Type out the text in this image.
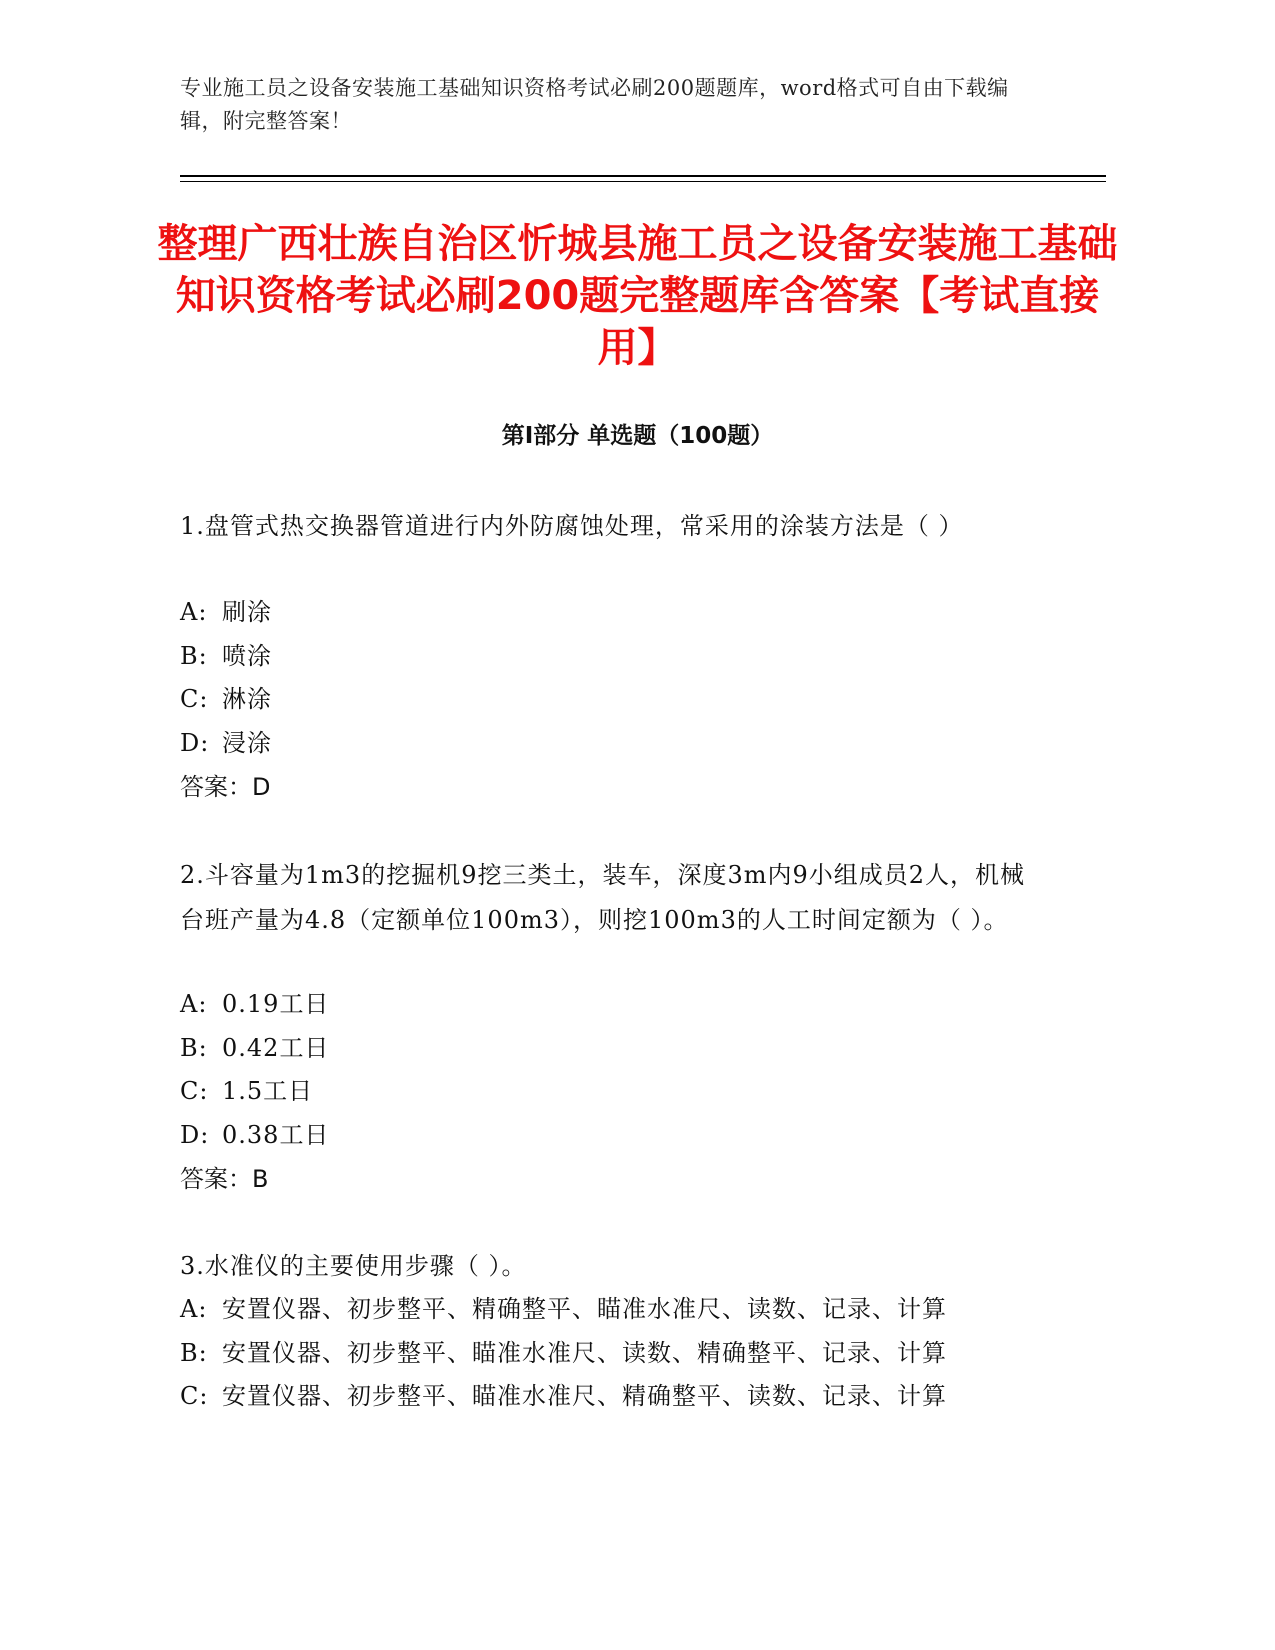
专业施工员之设备安装施工基础知识资格考试必刷200题题库，word格式可自由下载编辑，附完整答案！
整理广西壮族自治区忻城县施工员之设备安装施工基础知识资格考试必刷200题完整题库含答案【考试直接用】
第I部分 单选题（100题）
1.盘管式热交换器管道进行内外防腐蚀处理，常采用的涂装方法是（ ）
A: 刷涂
B: 喷涂
C: 淋涂
D: 浸涂
答案：D
2.斗容量为1m3的挖掘机9挖三类土，装车，深度3m内9小组成员2人，机械台班产量为4.8（定额单位100m3），则挖100m3的人工时间定额为（ ）。
A: 0.19工日
B: 0.42工日
C: 1.5工日
D: 0.38工日
答案：B
3.水准仪的主要使用步骤（ ）。
A: 安置仪器、初步整平、精确整平、瞄准水准尺、读数、记录、计算
B: 安置仪器、初步整平、瞄准水准尺、读数、精确整平、记录、计算
C: 安置仪器、初步整平、瞄准水准尺、精确整平、读数、记录、计算
